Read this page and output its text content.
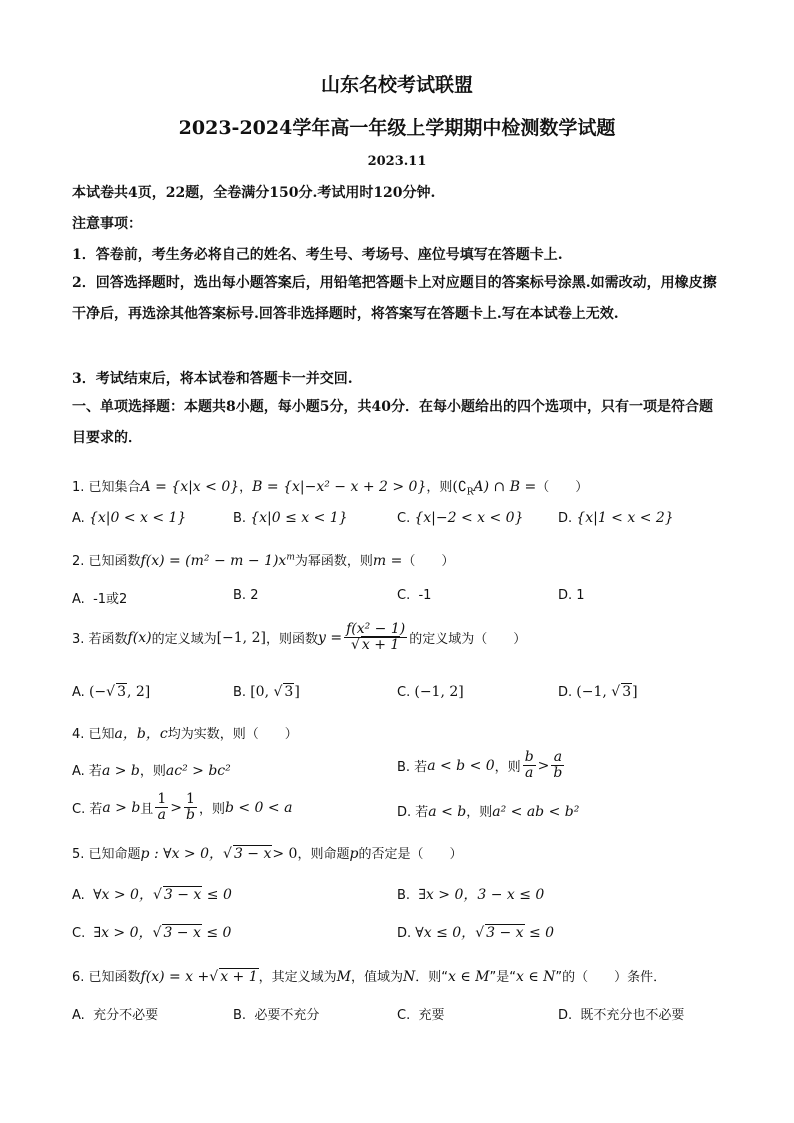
山东名校考试联盟
2023-2024学年高一年级上学期期中检测数学试题
2023.11
本试卷共4页，22题，全卷满分150分.考试用时120分钟.
注意事项：
1．答卷前，考生务必将自己的姓名、考生号、考场号、座位号填写在答题卡上.
2．回答选择题时，选出每小题答案后，用铅笔把答题卡上对应题目的答案标号涂黑.如需改动，用橡皮擦干净后，再选涂其他答案标号.回答非选择题时，将答案写在答题卡上.写在本试卷上无效.
3．考试结束后，将本试卷和答题卡一并交回.
一、单项选择题：本题共8小题，每小题5分，共40分．在每小题给出的四个选项中，只有一项是符合题目要求的．
1. 已知集合A = {x|x < 0}，B = {x|−x² − x + 2 > 0}，则$(∁_RA)$ ∩ B =（　　）
A. {x|0 < x < 1}	B. {x|0 ≤ x < 1}	C. {x|−2 < x < 0}	D. {x|1 < x < 2}
2. 已知函数$f(x) = (m^2 - m - 1)x^m$为幂函数，则m =（　　）
A. -1或2	B. 2	C. -1	D. 1
3. 若函数 f(x) 的定义域为 [−1, 2] ，则函数 $y = \frac{\text{f(x² − 1)}}{√ x + 1}$ 的定义域为（　　）
A. (−√ 3, 2]	B. [0, √ 3]	C. (−1, 2]	D. (−1, √ 3]
4. 已知a，b，c均为实数，则（　　）
A. 若a > b，则ac² > bc²	B. 若 a < b < 0 ，则 $\frac{b}{a} > \frac{a}{b}$
C. 若 a > b 且 $\frac{1}{a} > \frac{1}{b}$ ，则 b < 0 < a	D. 若a < b，则a² < ab < b²
5. 已知命题p : ∀x > 0，√ 3 − x> 0，则命题p的否定是（　　）
A. ∀x > 0，√ 3 − x ≤ 0	B. ∃x > 0，3 − x ≤ 0
C. ∃x > 0，√ 3 − x ≤ 0	D. ∀x ≤ 0，√ 3 − x ≤ 0
6. 已知函数f(x) = x +√ x + 1，其定义域为M，值域为N．则“x ∈ M”是“x ∈ N”的（　　）条件．
A. 充分不必要	B. 必要不充分	C. 充要	D. 既不充分也不必要
